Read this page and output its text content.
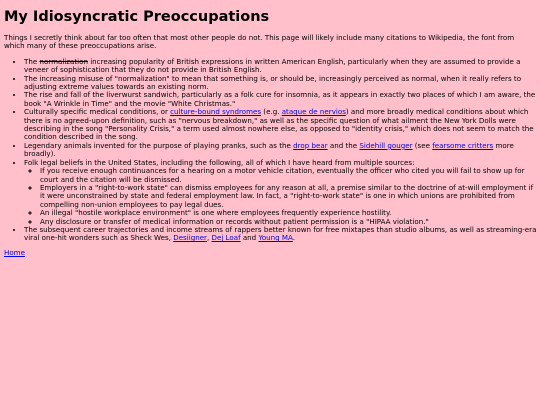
My Idiosyncratic Preoccupations

Things I secretly think about far too often that most other people do not. This page will likely include many citations to Wikipedia, the font from which many of these preoccupations arise.

• The normalization increasing popularity of British expressions in written American English, particularly when they are assumed to provide a veneer of sophistication that they do not provide in British English.
• The increasing misuse of "normalization" to mean that something is, or should be, increasingly perceived as normal, when it really refers to adjusting extreme values towards an existing norm.
• The rise and fall of the liverwurst sandwich, particularly as a folk cure for insomnia, as it appears in exactly two places of which I am aware, the book "A Wrinkle in Time" and the movie "White Christmas."
• Culturally specific medical conditions, or culture-bound syndromes (e.g. ataque de nervios) and more broadly medical conditions about which there is no agreed-upon definition, such as "nervous breakdown," as well as the specific question of what ailment the New York Dolls were describing in the song "Personality Crisis," a term used almost nowhere else, as opposed to "identity crisis," which does not seem to match the condition described in the song.
• Legendary animals invented for the purpose of playing pranks, such as the drop bear and the Sidehill gouger (see fearsome critters more broadly).
• Folk legal beliefs in the United States, including the following, all of which I have heard from multiple sources:
◦ If you receive enough continuances for a hearing on a motor vehicle citation, eventually the officer who cited you will fail to show up for court and the citation will be dismissed.
◦ Employers in a "right-to-work state" can dismiss employees for any reason at all, a premise similar to the doctrine of at-will employment if it were unconstrained by state and federal employment law. In fact, a "right-to-work state" is one in which unions are prohibited from compelling non-union employees to pay legal dues.
◦ An illegal "hostile workplace environment" is one where employees frequently experience hostility.
◦ Any disclosure or transfer of medical information or records without patient permission is a "HIPAA violation."
• The subsequent career trajectories and income streams of rappers better known for free mixtapes than studio albums, as well as streaming-era viral one-hit wonders such as Sheck Wes, Desiigner, Dej Loaf and Young MA.
Home
